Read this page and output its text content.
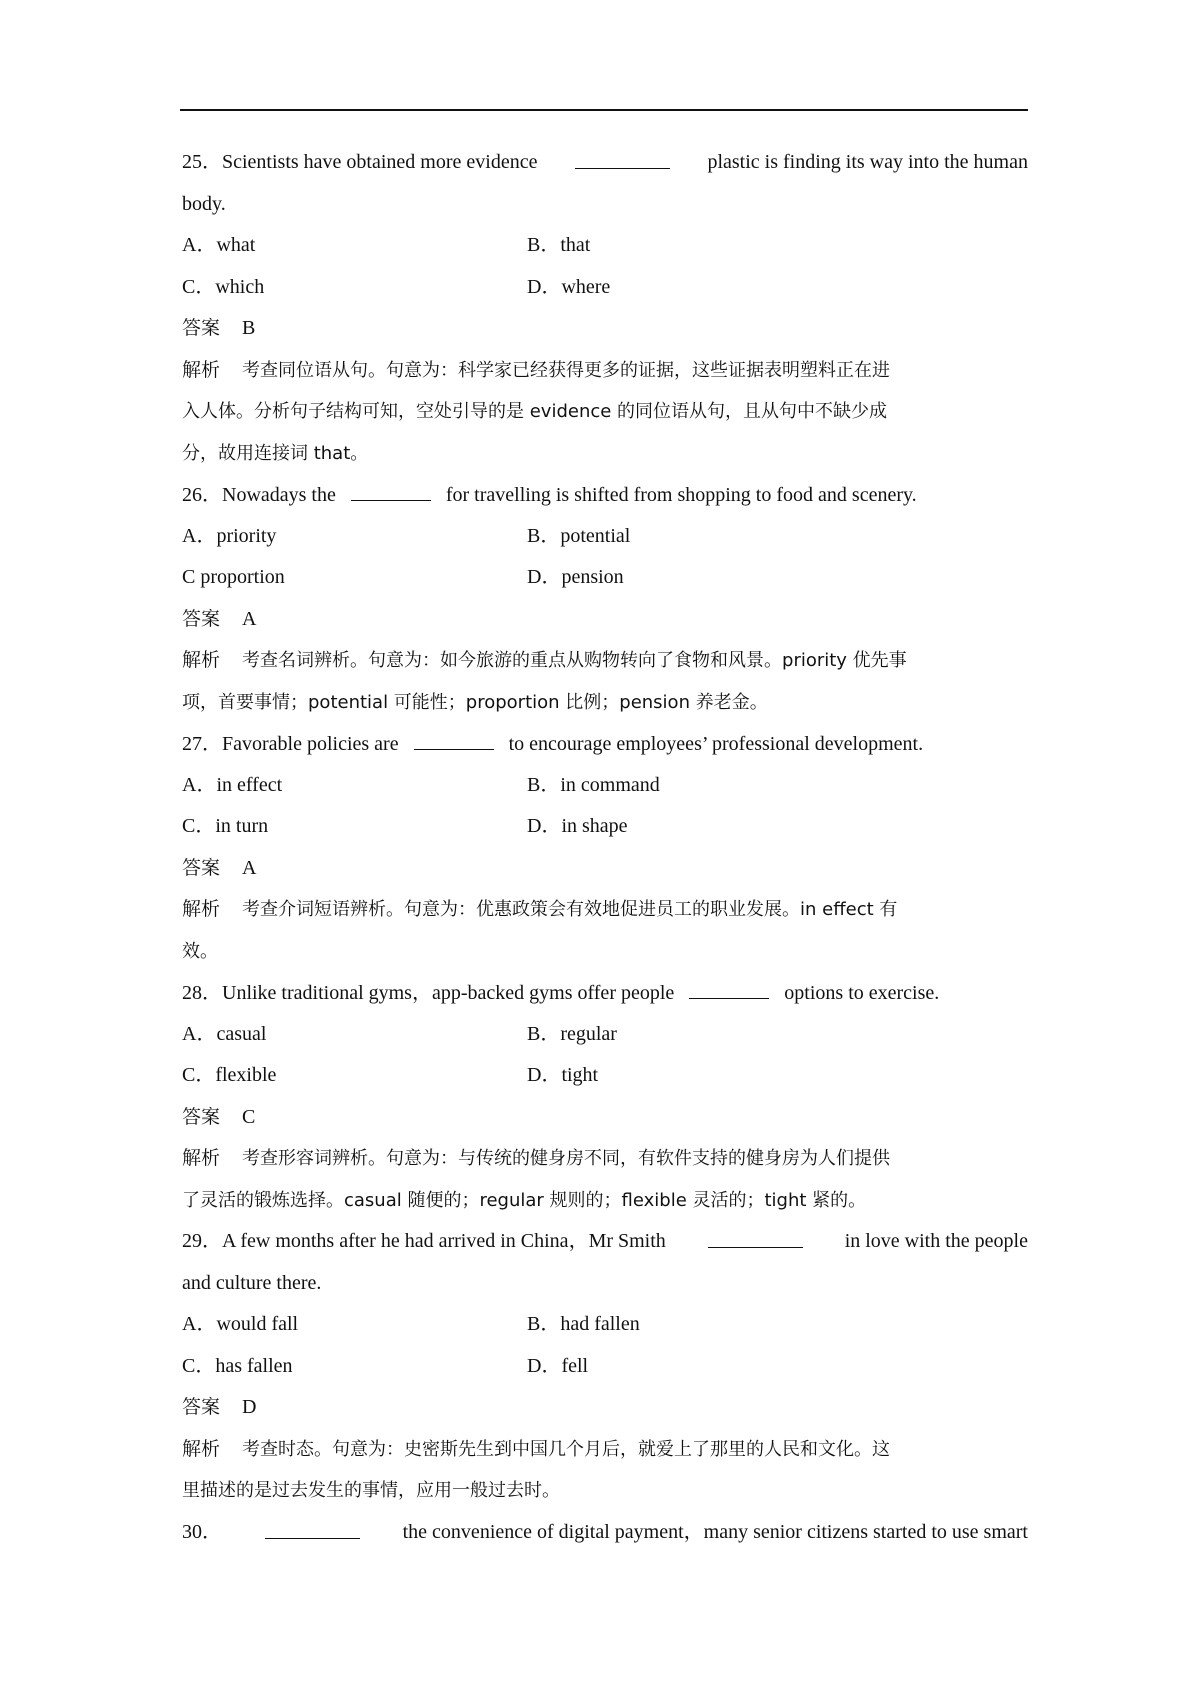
25．Scientists have obtained more evidence	plastic is finding its way into the human
body.
A．what	B．that
C．which	D．where
答案 B
解析 考查同位语从句。句意为：科学家已经获得更多的证据，这些证据表明塑料正在进
入人体。分析句子结构可知，空处引导的是 evidence 的同位语从句，且从句中不缺少成
分，故用连接词 that。
26．Nowadays the	for travelling is shifted from shopping to food and scenery.
A．priority	B．potential
C proportion	D．pension
答案 A
解析 考查名词辨析。句意为：如今旅游的重点从购物转向了食物和风景。priority 优先事
项，首要事情；potential 可能性；proportion 比例；pension 养老金。
27．Favorable policies are	to encourage employees’ professional development.
A．in effect	B．in command
C．in turn	D．in shape
答案 A
解析 考查介词短语辨析。句意为：优惠政策会有效地促进员工的职业发展。in effect 有
效。
28．Unlike traditional gyms，app-backed gyms offer people	options to exercise.
A．casual	B．regular
C．flexible	D．tight
答案 C
解析 考查形容词辨析。句意为：与传统的健身房不同，有软件支持的健身房为人们提供
了灵活的锻炼选择。casual 随便的；regular 规则的；flexible 灵活的；tight 紧的。
29．A few months after he had arrived in China，Mr Smith	in love with the people
and culture there.
A．would fall	B．had fallen
C．has fallen	D．fell
答案 D
解析 考查时态。句意为：史密斯先生到中国几个月后，就爱上了那里的人民和文化。这
里描述的是过去发生的事情，应用一般过去时。
30．	the convenience of digital payment，many senior citizens started to use smart
